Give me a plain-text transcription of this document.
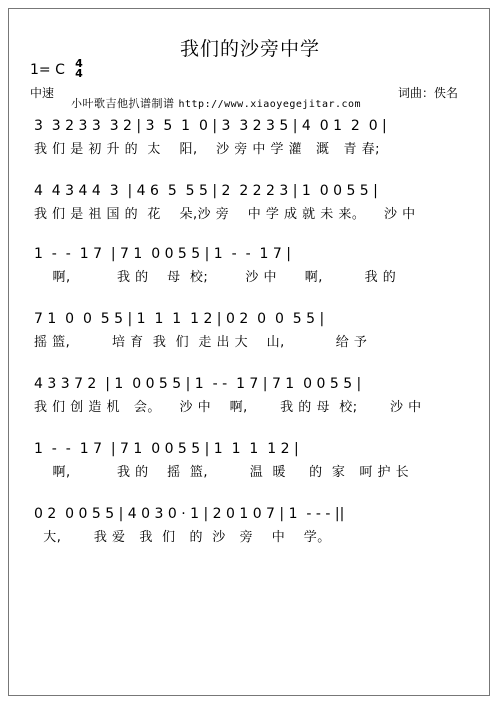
我们的沙旁中学
1= C 4
4
中速
小叶歌吉他扒谱制谱 http://www.xiaoyegejitar.com
词曲：佚名
3  3 2 3 3  3 2 | 3  5  1  0 | 3  3 2 3 5 | 4  0 1  2  0 |
我 们 是 初 升 的  太    阳,    沙 旁 中 学 灌   溉   青 春;
4  4 3 4 4  3  | 4 6  5  5 5 | 2  2 2 2 3 | 1  0 0 5 5 |
我 们 是 祖 国 的  花    朵,沙 旁    中 学 成 就 未 来。    沙 中
1  -  -  1 7  | 7 1  0 0 5 5 | 1  -  -  1 7 |
啊,          我 的    母  校;        沙 中      啊,         我 的
7 1  0  0  5 5 | 1  1  1  1 2 | 0 2  0  0  5 5 |
摇 篮,         培 育  我  们  走 出 大    山,           给 予
4 3 3 7 2  | 1  0 0 5 5 | 1  - -  1 7 | 7 1  0 0 5 5 |
我 们 创 造 机   会。    沙 中    啊,       我 的 母  校;       沙 中
1  -  -  1 7  | 7 1  0 0 5 5 | 1  1  1  1 2 |
啊,          我 的    摇  篮,         温  暖     的  家   呵 护 长
0 2  0 0 5 5 | 4 0 3 0 · 1 | 2 0 1 0 7 | 1  - - - ||
大,       我 爱   我  们   的  沙   旁    中    学。
